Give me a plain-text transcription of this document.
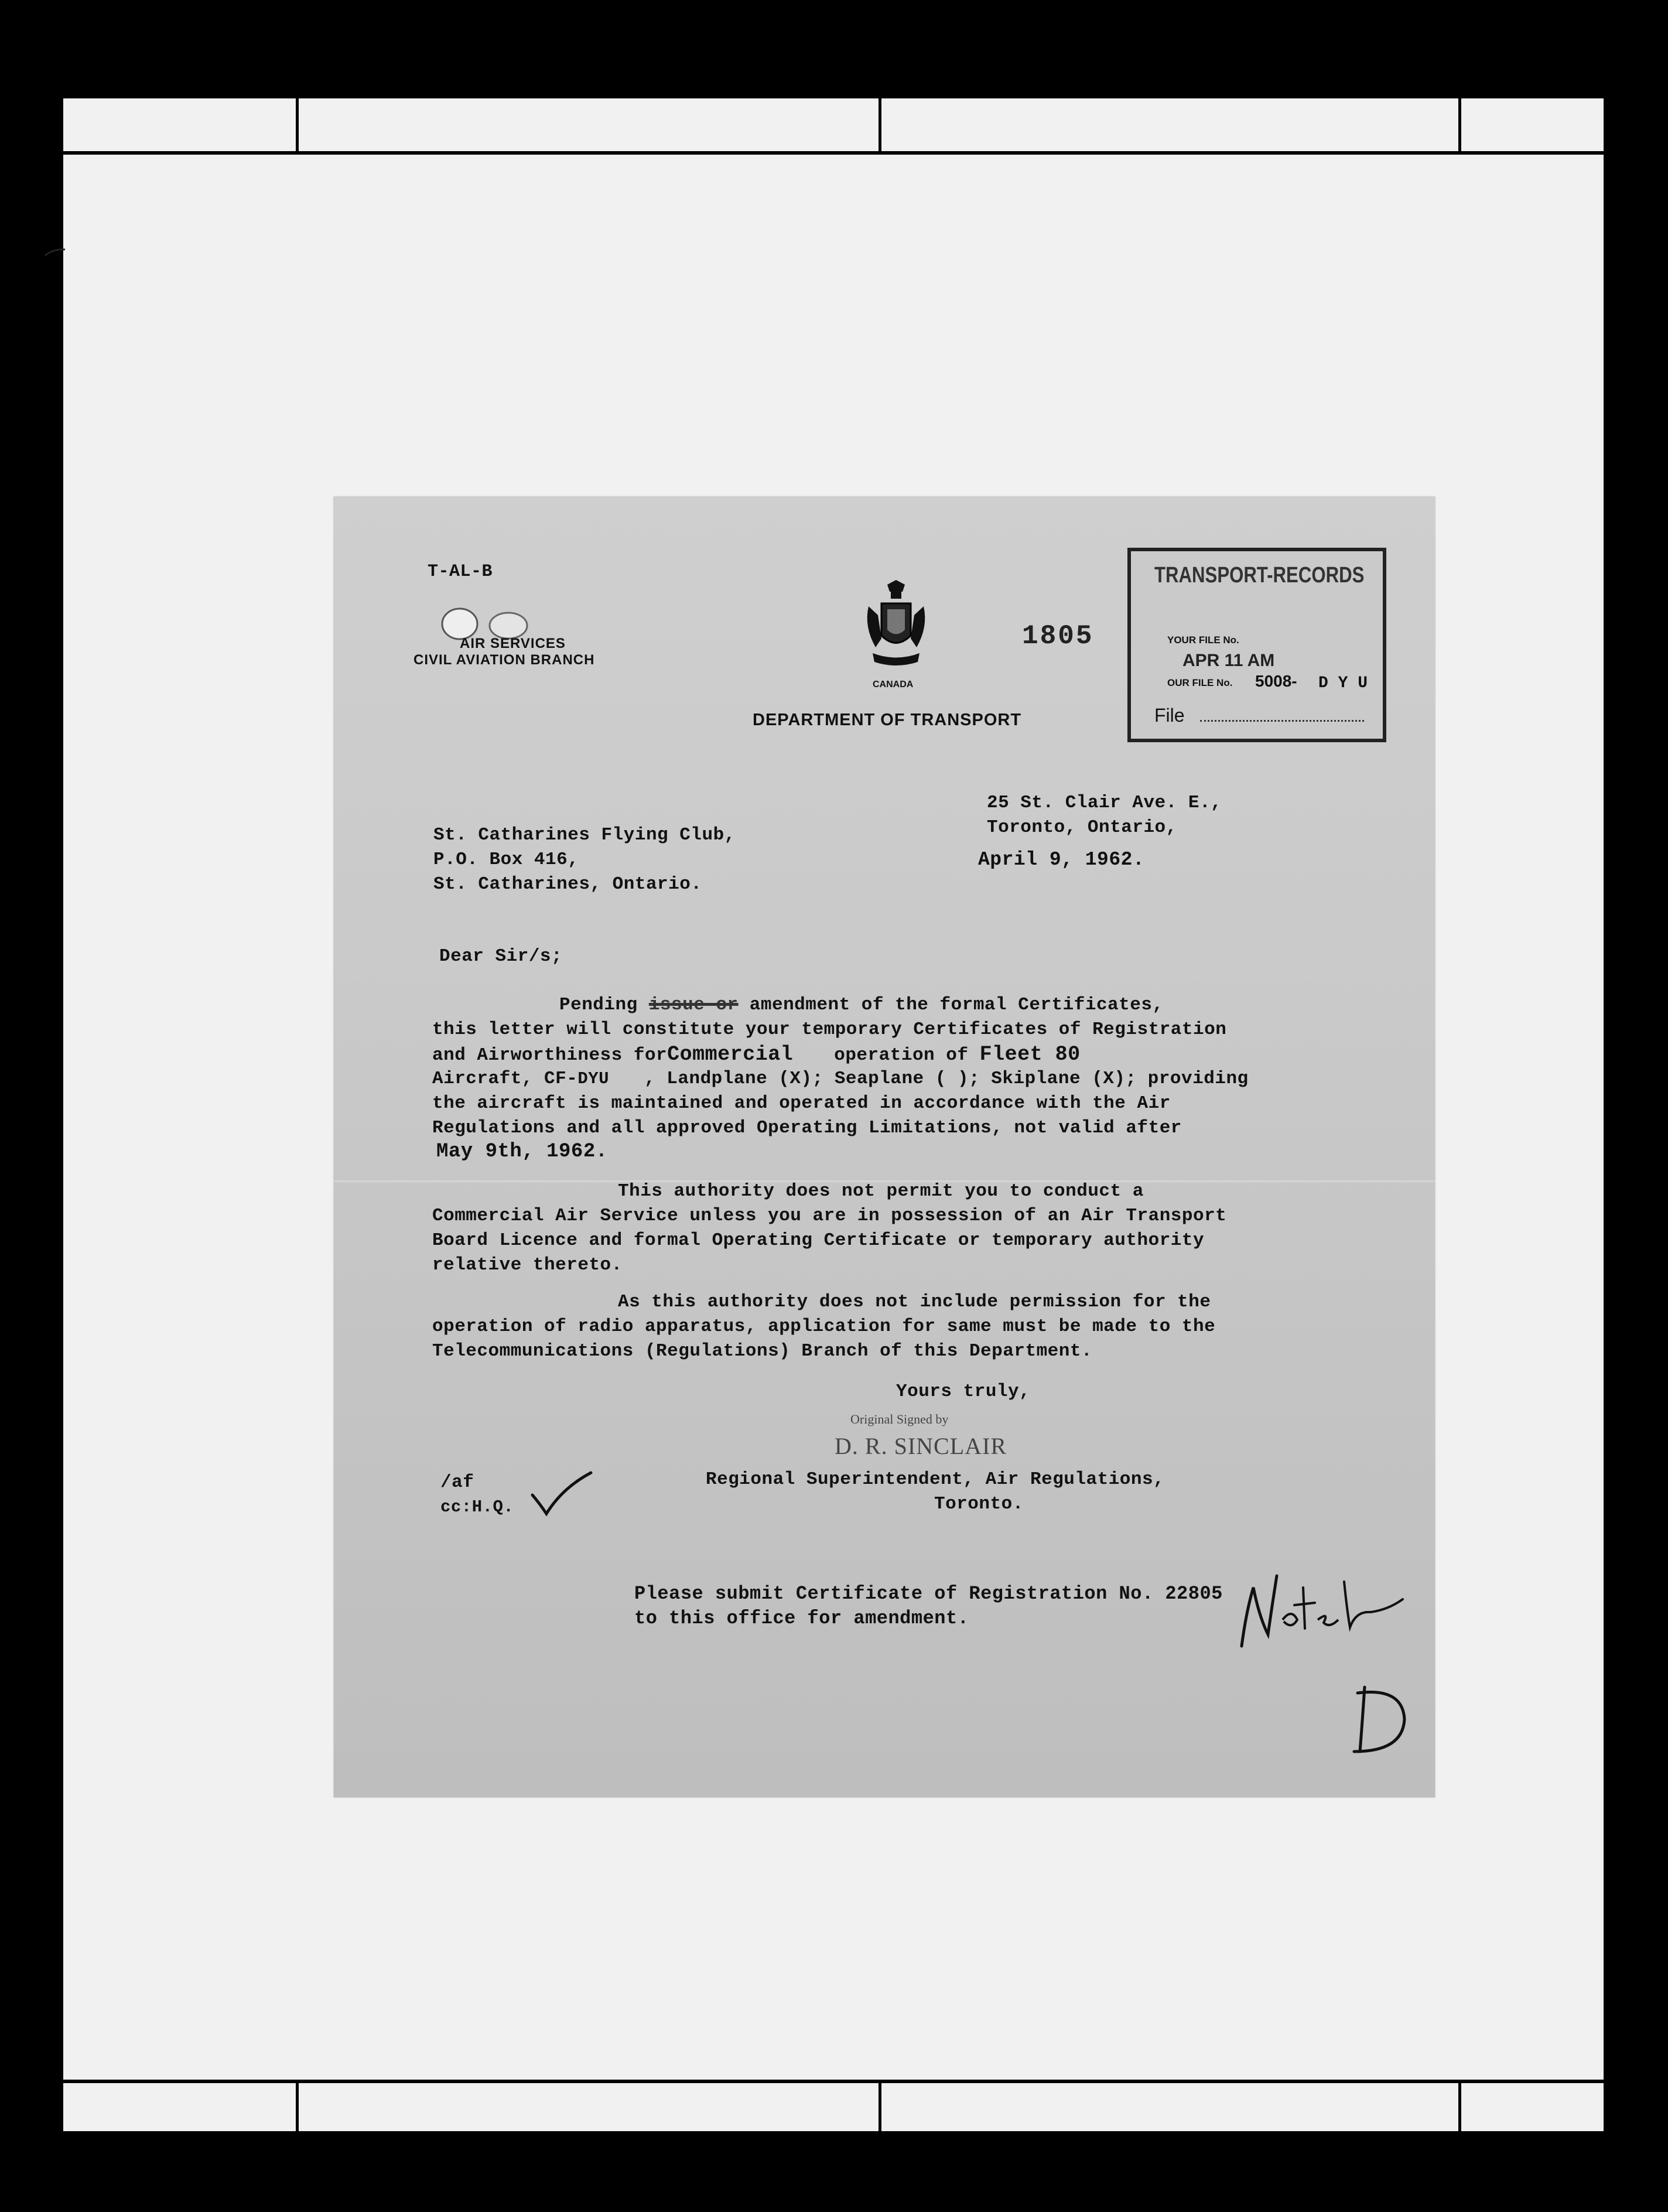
T-AL-B
AIR SERVICES
CIVIL AVIATION BRANCH
CANADA
1805
DEPARTMENT OF TRANSPORT
TRANSPORT-RECORDS
YOUR FILE No.
APR 11 AM
OUR FILE No. 5008- D Y U
File
25 St. Clair Ave. E.,
Toronto, Ontario,
April 9, 1962.
St. Catharines Flying Club,
P.O. Box 416,
St. Catharines, Ontario.
Dear Sir/s;
Pending issue or amendment of the formal Certificates,
this letter will constitute your temporary Certificates of Registration
and Airworthiness forCommercial operation of Fleet 80
Aircraft, CF-DYU , Landplane (X); Seaplane ( ); Skiplane (X); providing
the aircraft is maintained and operated in accordance with the Air
Regulations and all approved Operating Limitations, not valid after
May 9th, 1962.
This authority does not permit you to conduct a
Commercial Air Service unless you are in possession of an Air Transport
Board Licence and formal Operating Certificate or temporary authority
relative thereto.
As this authority does not include permission for the
operation of radio apparatus, application for same must be made to the
Telecommunications (Regulations) Branch of this Department.
Yours truly,
Original Signed by
D. R. SINCLAIR
Regional Superintendent, Air Regulations,
Toronto.
/af
cc:H.Q.
Please submit Certificate of Registration No. 22805
to this office for amendment.
